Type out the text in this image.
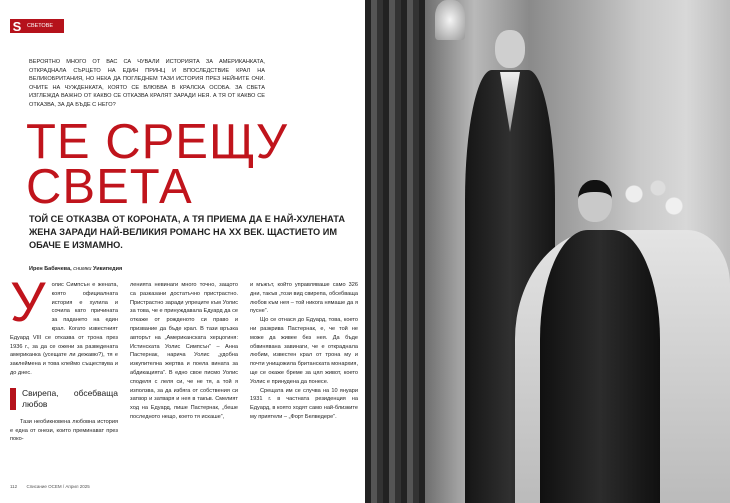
S	СВЕТОВЕ

ВЕРОЯТНО МНОГО ОТ ВАС СА ЧУВАЛИ ИСТОРИЯТА ЗА АМЕРИКАНКАТА, ОТКРАДНАЛА СЪРЦЕТО НА ЕДИН ПРИНЦ И ВПОСЛЕДСТВИЕ КРАЛ НА ВЕЛИКОБРИТАНИЯ, НО НЕКА ДА ПОГЛЕДНЕМ ТАЗИ ИСТОРИЯ ПРЕЗ НЕЙНИТЕ ОЧИ. ОЧИТЕ НА ЧУЖДЕНКАТА, КОЯТО СЕ ВЛЮБВА В КРАЛСКА ОСОБА. ЗА СВЕТА ИЗГЛЕЖДА ВАЖНО ОТ КАКВО СЕ ОТКАЗВА КРАЛЯТ ЗАРАДИ НЕЯ. А ТЯ ОТ КАКВО СЕ ОТКАЗВА, ЗА ДА БЪДЕ С НЕГО?

ТЕ СРЕЩУ
СВЕТА

ТОЙ СЕ ОТКАЗВА ОТ КОРОНАТА, А ТЯ ПРИЕМА ДА Е НАЙ-ХУЛЕНАТА ЖЕНА ЗАРАДИ НАЙ-ВЕЛИКИЯ РОМАНС НА XX ВЕК. ЩАСТИЕТО ИМ ОБАЧЕ Е ИЗМАМНО.

Ирен Бабачева, снимки Уикипедия

У	олис Симпсън е жената, която официалната история е хулила и сочила като причината за падането на един крал. Когато известният Едуард VIII се отказва от трона през 1936 г., за да се ожени за разведената американка (усещате ли дежавю?), тя е заклеймена и това клеймо съществува и до днес.

Свирепа, обсебваща любов

Тази необикновена любовна история е една от онези, които преминават през поко-

ленията невинаги много точно, защото са разказани достатъчно пристрастно. Пристрастно заради упреците към Уолис за това, че е принуждавала Едуард да се откаже от рожденото си право и призвание да бъде крал. В тази връзка авторът на „Американската херцогиня: Истинската Уолис Симпсън“ – Анна Пастернак, нарича Уолис „удобна изкупителна жертва и поела вината за абдикацията“. В едно свое писмо Уолис споделя с леля си, че не тя, а той я използва, за да избяга от собствения си затвор и затваря и нея в такъв. Смелият ход на Едуард, пише Пастернак, „беше последното нещо, което тя искаше“,

и мъжът, който управляваше само 326 дни, такъв „този вид свирепа, обсебваща любов към нея – той никога нямаше да я пусне“.

Що се отнася до Едуард, това, което ни разкрива Пастернак, е, че той не може да живее без нея. Да бъде обвинявана завинаги, че е откраднала любим, известен крал от трона му и почти унищожила британската монархия, ще се окаже бреме за цял живот, което Уолис е принудена да понесе.

Срещата им се случва на 10 януари 1931 г. в частната резиденция на Едуард, в която ходят само най-близките му приятели – „Форт Белведере“.

112 Списание ОСЕМ / Април 2025
